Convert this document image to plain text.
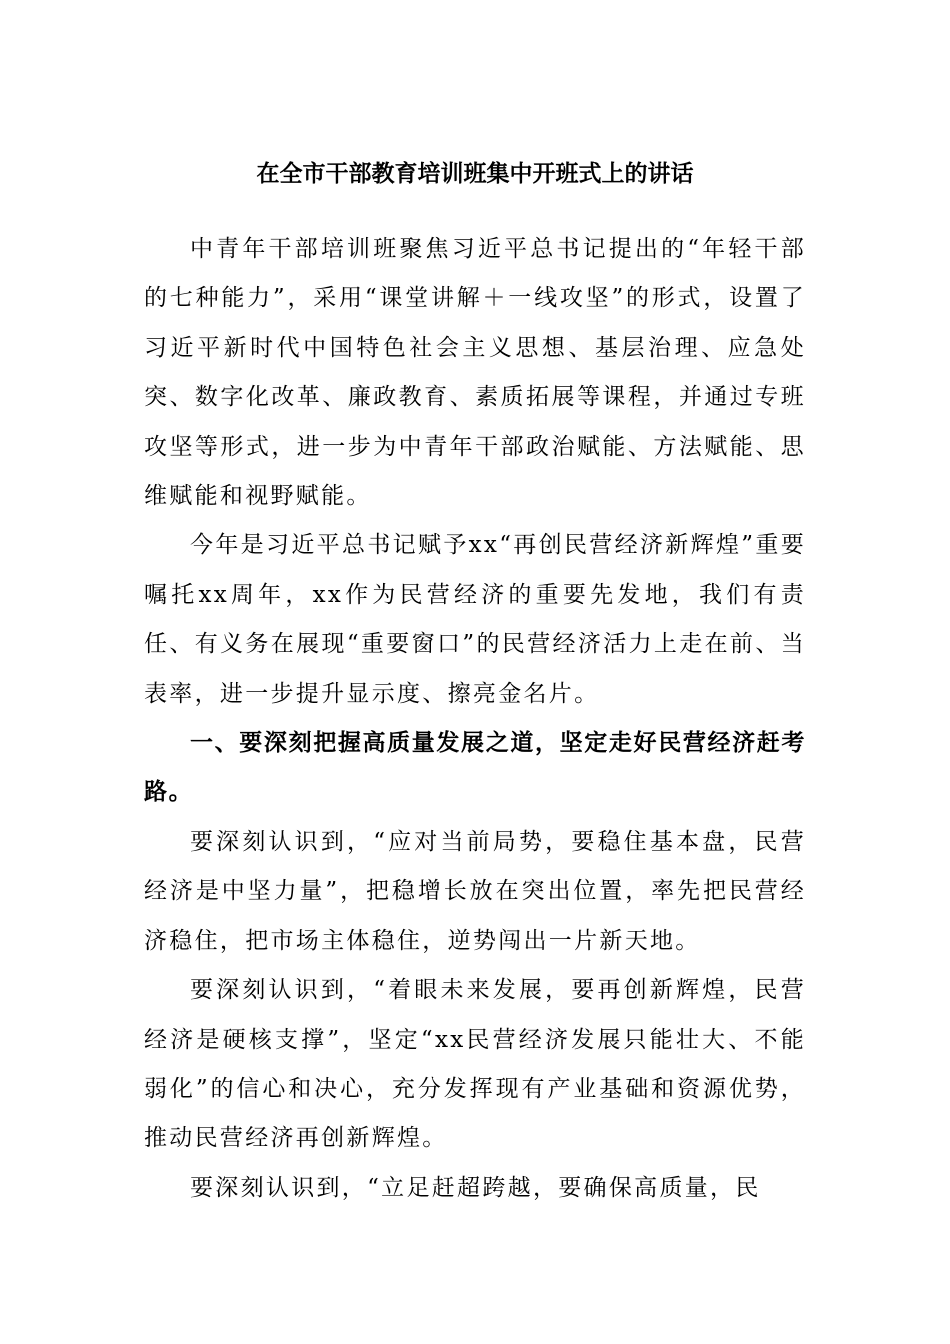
在全市干部教育培训班集中开班式上的讲话

中青年干部培训班聚焦习近平总书记提出的“年轻干部的七种能力”，采用“课堂讲解＋一线攻坚”的形式，设置了习近平新时代中国特色社会主义思想、基层治理、应急处突、数字化改革、廉政教育、素质拓展等课程，并通过专班攻坚等形式，进一步为中青年干部政治赋能、方法赋能、思维赋能和视野赋能。

今年是习近平总书记赋予xx“再创民营经济新辉煌”重要嘱托xx周年，xx作为民营经济的重要先发地，我们有责任、有义务在展现“重要窗口”的民营经济活力上走在前、当表率，进一步提升显示度、擦亮金名片。

一、要深刻把握高质量发展之道，坚定走好民营经济赶考路。

要深刻认识到，“应对当前局势，要稳住基本盘，民营经济是中坚力量”，把稳增长放在突出位置，率先把民营经济稳住，把市场主体稳住，逆势闯出一片新天地。

要深刻认识到，“着眼未来发展，要再创新辉煌，民营经济是硬核支撑”，坚定“xx民营经济发展只能壮大、不能弱化”的信心和决心，充分发挥现有产业基础和资源优势，推动民营经济再创新辉煌。

要深刻认识到，“立足赶超跨越，要确保高质量，民
